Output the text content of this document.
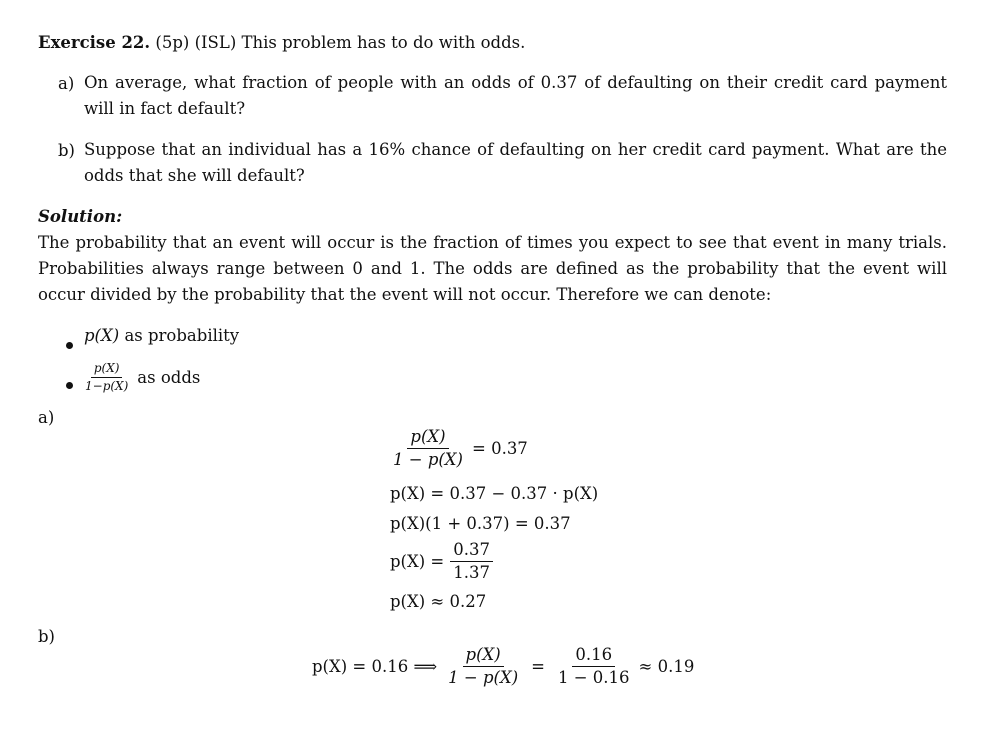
Exercise 22. (5p) (ISL) This problem has to do with odds.
a) On average, what fraction of people with an odds of 0.37 of defaulting on their credit card payment will in fact default?
b) Suppose that an individual has a 16% chance of defaulting on her credit card payment. What are the odds that she will default?
Solution:
The probability that an event will occur is the fraction of times you expect to see that event in many trials. Probabilities always range between 0 and 1. The odds are defined as the probability that the event will occur divided by the probability that the event will not occur. Therefore we can denote:
p(X) as probability
$\frac{p(X)}{1-p(X)}$ as odds
a)
$\frac{p(X)}{1 - p(X)} = 0.37$
p(X) = 0.37 − 0.37 · p(X)
p(X)(1 + 0.37) = 0.37
$p(X) = \frac{0.37}{1.37}$
p(X) ≈ 0.27
b)
p(X) = 0.16 ⟹ $\frac{p(X)}{1 - p(X)} = \frac{0.16}{1 - 0.16} \approx 0.19$
